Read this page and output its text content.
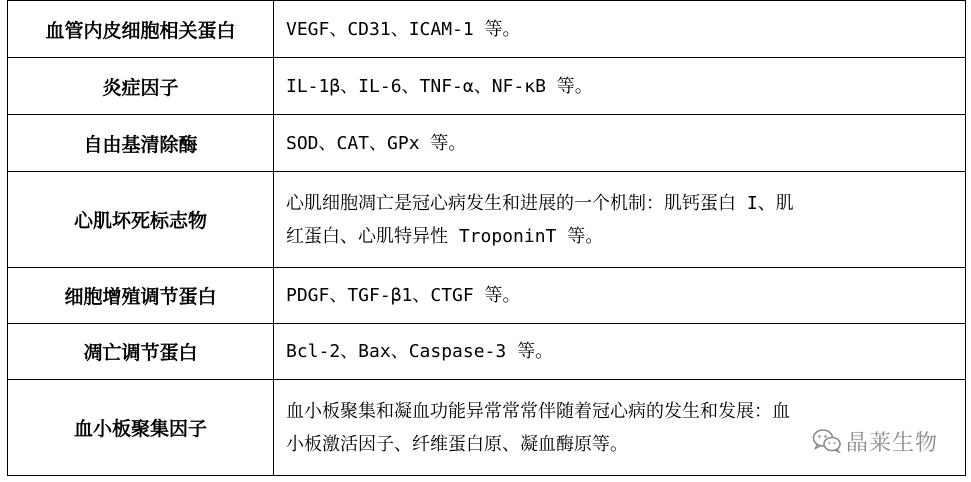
血管内皮细胞相关蛋白	VEGF、CD31、ICAM-1 等。

炎症因子	IL-1β、IL-6、TNF-α、NF-κB 等。

自由基清除酶	SOD、CAT、GPx 等。

心肌坏死标志物	心肌细胞凋亡是冠心病发生和进展的一个机制：肌钙蛋白 I、肌
红蛋白、心肌特异性 TroponinT 等。

细胞增殖调节蛋白	PDGF、TGF-β1、CTGF 等。

凋亡调节蛋白	Bcl-2、Bax、Caspase-3 等。

血小板聚集因子	血小板聚集和凝血功能异常常常伴随着冠心病的发生和发展：血
小板激活因子、纤维蛋白原、凝血酶原等。	晶莱生物
